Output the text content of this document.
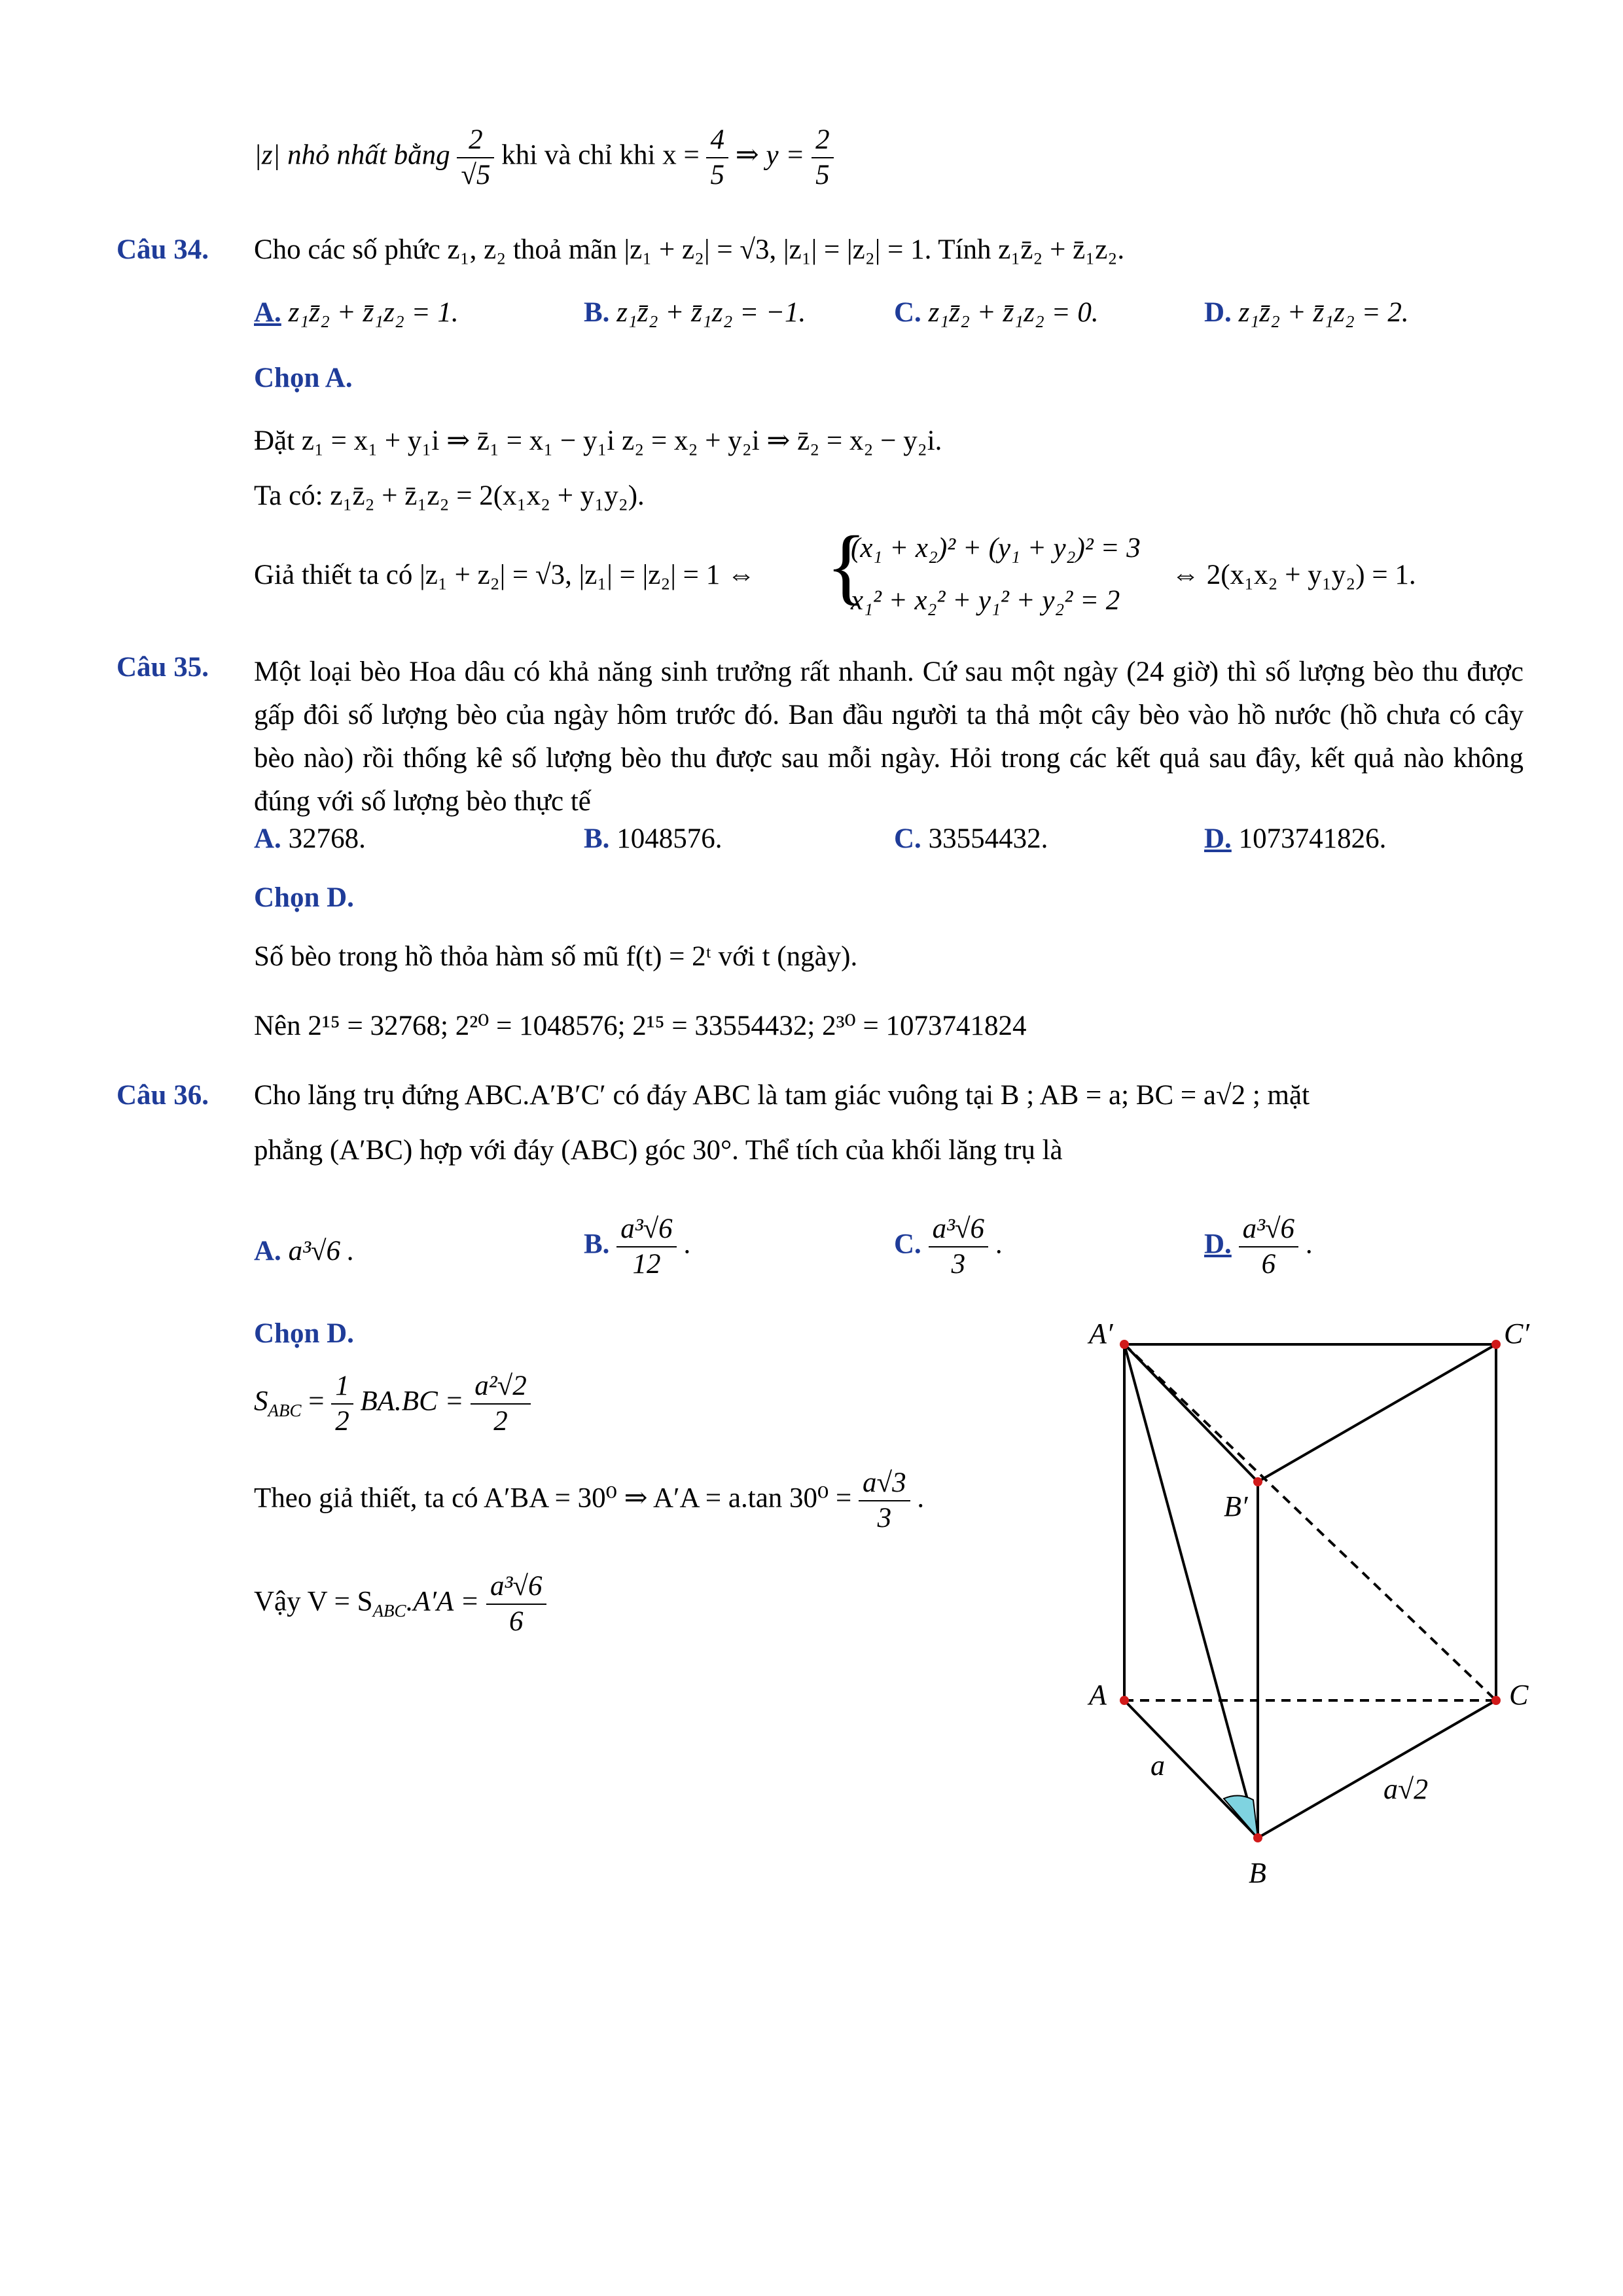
|z| nhỏ nhất bằng $\frac{2}{√5}$ khi và chỉ khi $x = \frac{4}{5}$ ⇒ $y = \frac{2}{5}$
Câu 34. Cho các số phức z₁, z₂ thoả mãn |z₁ + z₂| = √3, |z₁| = |z₂| = 1. Tính z₁z̄₂ + z̄₁z₂.
A. z₁z̄₂ + z̄₁z₂ = 1.	B. z₁z̄₂ + z̄₁z₂ = −1.	C. z₁z̄₂ + z̄₁z₂ = 0.	D. z₁z̄₂ + z̄₁z₂ = 2.
Chọn A.
Đặt z₁ = x₁ + y₁i ⇒ z̄₁ = x₁ − y₁i z₂ = x₂ + y₂i ⇒ z̄₂ = x₂ − y₂i.
Ta có: z₁z̄₂ + z̄₁z₂ = 2(x₁x₂ + y₁y₂).
Giả thiết ta có |z₁ + z₂| = √3, |z₁| = |z₂| = 1 ⇔ {
(x₁ + x₂)² + (y₁ + y₂)² = 3
x₁² + x₂² + y₁² + y₂² = 2
⇔ 2(x₁x₂ + y₁y₂) = 1.
Câu 35. Một loại bèo Hoa dâu có khả năng sinh trưởng rất nhanh. Cứ sau một ngày (24 giờ) thì số lượng bèo thu được gấp đôi số lượng bèo của ngày hôm trước đó. Ban đầu người ta thả một cây bèo vào hồ nước (hồ chưa có cây bèo nào) rồi thống kê số lượng bèo thu được sau mỗi ngày. Hỏi trong các kết quả sau đây, kết quả nào không đúng với số lượng bèo thực tế
A. 32768.	B. 1048576.	C. 33554432.	D. 1073741826.
Chọn D.
Số bèo trong hồ thỏa hàm số mũ f(t) = 2ᵗ với t (ngày).
Nên 2¹⁵ = 32768; 2²⁰ = 1048576; 2¹⁵ = 33554432; 2³⁰ = 1073741824
Câu 36. Cho lăng trụ đứng ABC.A′B′C′ có đáy ABC là tam giác vuông tại B ; AB = a; BC = a√2 ; mặt
phẳng (A′BC) hợp với đáy (ABC) góc 30°. Thể tích của khối lăng trụ là
A. a³√6 .	B. $\frac{\text{a³√6}}{12}$ .	C. $\frac{\text{a³√6}}{3}$ .	D. $\frac{\text{a³√6}}{6}$ .
Chọn D.
$S_{ABC} = \frac{1}{2} BA.BC = \frac{\text{a²√2}}{2}$
Theo giả thiết, ta có A′BA = 30⁰ ⇒ A′A = a.tan $30^0 = \frac{a√3}{3}$ .
Vậy $V = S_{ABC}.A'A = \frac{\text{a³√6}}{6}$
A′	C′
B′
A	C
B
a
a√2
